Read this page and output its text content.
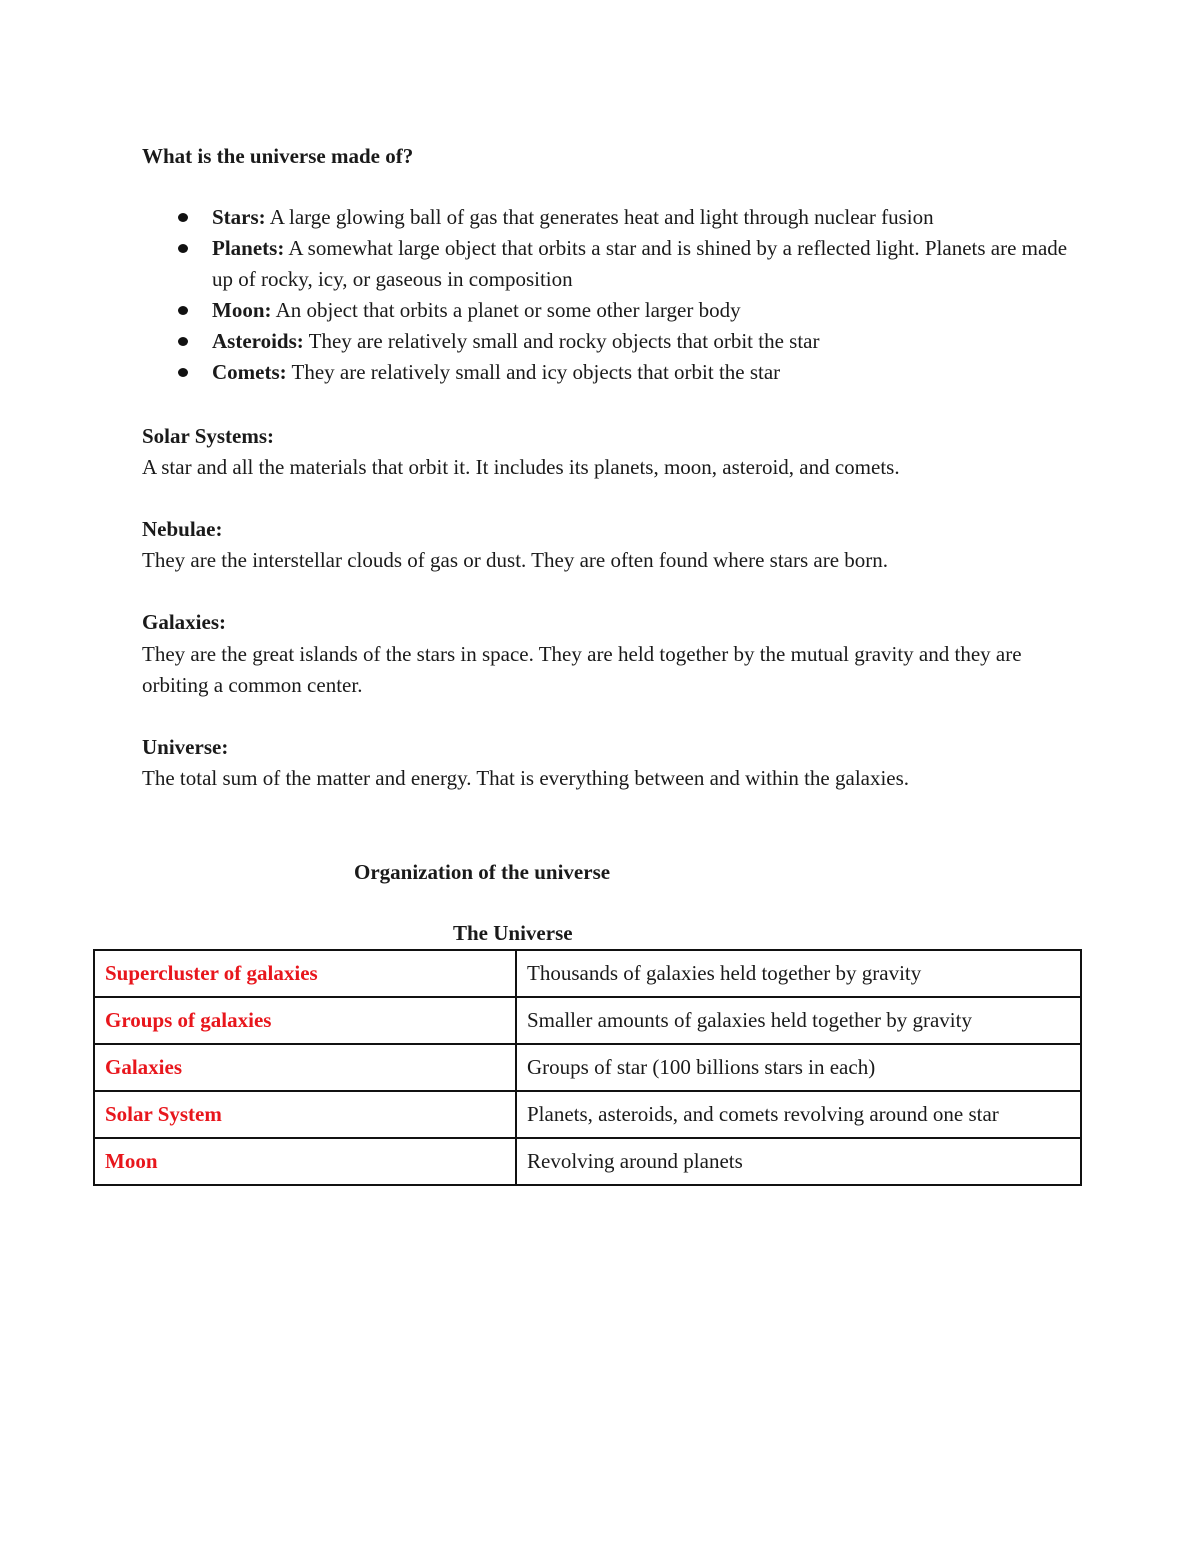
What is the universe made of?
Stars: A large glowing ball of gas that generates heat and light through nuclear fusion
Planets: A somewhat large object that orbits a star and is shined by a reflected light. Planets are made up of rocky, icy, or gaseous in composition
Moon: An object that orbits a planet or some other larger body
Asteroids: They are relatively small and rocky objects that orbit the star
Comets: They are relatively small and icy objects that orbit the star
Solar Systems:
A star and all the materials that orbit it. It includes its planets, moon, asteroid, and comets.
Nebulae:
They are the interstellar clouds of gas or dust. They are often found where stars are born.
Galaxies:
They are the great islands of the stars in space. They are held together by the mutual gravity and they are orbiting a common center.
Universe:
The total sum of the matter and energy. That is everything between and within the galaxies.
Organization of the universe
The Universe
Supercluster of galaxies	Thousands of galaxies held together by gravity
Groups of galaxies	Smaller amounts of galaxies held together by gravity
Galaxies	Groups of star (100 billions stars in each)
Solar System	Planets, asteroids, and comets revolving around one star
Moon	Revolving around planets
